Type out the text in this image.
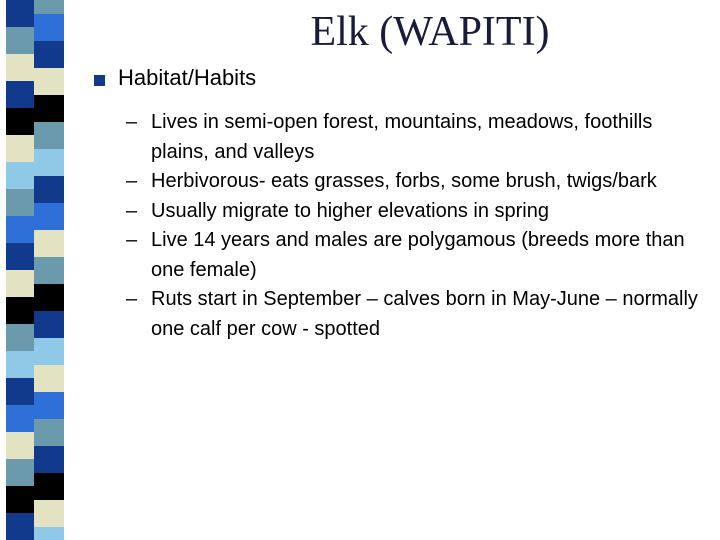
Elk (WAPITI)
Habitat/Habits
– Lives in semi-open forest, mountains, meadows, foothills plains, and valleys
– Herbivorous- eats grasses, forbs, some brush, twigs/bark
– Usually migrate to higher elevations in spring
– Live 14 years and males are polygamous (breeds more than one female)
– Ruts start in September – calves born in May-June – normally one calf per cow - spotted
